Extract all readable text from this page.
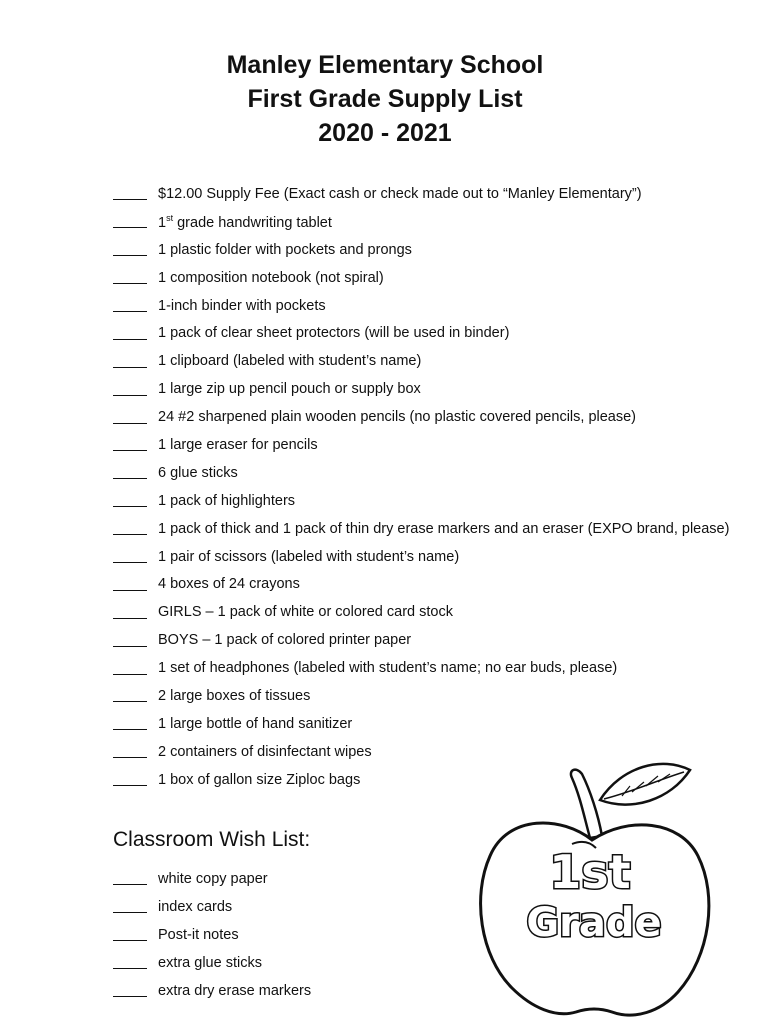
Manley Elementary School
First Grade Supply List
2020 - 2021
$12.00 Supply Fee (Exact cash or check made out to “Manley Elementary”)
1st grade handwriting tablet
1 plastic folder with pockets and prongs
1 composition notebook (not spiral)
1-inch binder with pockets
1 pack of clear sheet protectors (will be used in binder)
1 clipboard (labeled with student’s name)
1 large zip up pencil pouch or supply box
24 #2 sharpened plain wooden pencils (no plastic covered pencils, please)
1 large eraser for pencils
6 glue sticks
1 pack of highlighters
1 pack of thick and 1 pack of thin dry erase markers and an eraser (EXPO brand, please)
1 pair of scissors (labeled with student’s name)
4 boxes of 24 crayons
GIRLS – 1 pack of white or colored card stock
BOYS – 1 pack of colored printer paper
1 set of headphones (labeled with student’s name; no ear buds, please)
2 large boxes of tissues
1 large bottle of hand sanitizer
2 containers of disinfectant wipes
1 box of gallon size Ziploc bags
Classroom Wish List:
white copy paper
index cards
Post-it notes
extra glue sticks
extra dry erase markers
1st
Grade
